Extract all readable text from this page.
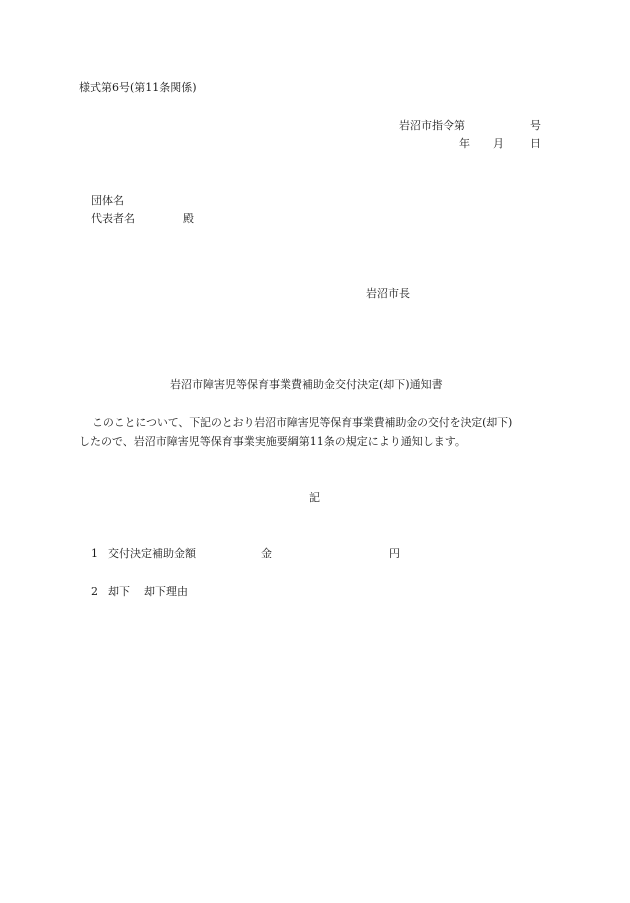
様式第6号(第11条関係)

岩沼市指令第	号

年 月 日

団体名

代表者名	殿

岩沼市長

岩沼市障害児等保育事業費補助金交付決定(却下)通知書

このことについて、下記のとおり岩沼市障害児等保育事業費補助金の交付を決定(却下)

したので、岩沼市障害児等保育事業実施要綱第11条の規定により通知します。

記

1 交付決定補助金額	金	円

2 却下 却下理由
